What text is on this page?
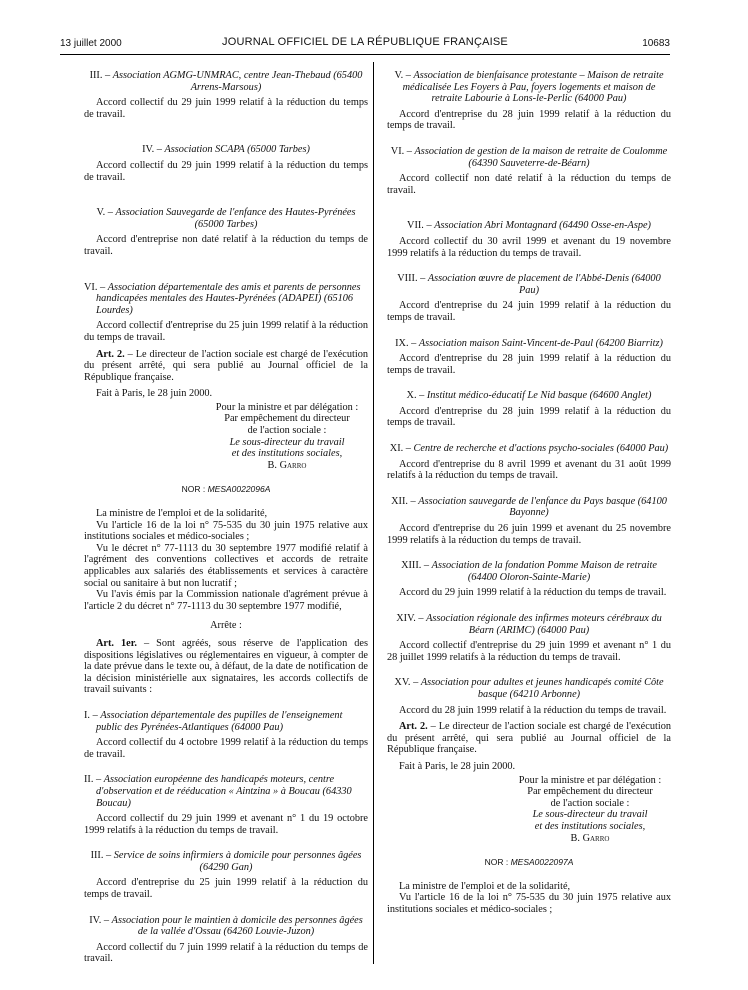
13 juillet 2000	JOURNAL OFFICIEL DE LA RÉPUBLIQUE FRANÇAISE	10683
III. – Association AGMG-UNMRAC, centre Jean-Thebaud (65400 Arrens-Marsous)
Accord collectif du 29 juin 1999 relatif à la réduction du temps de travail.
IV. – Association SCAPA (65000 Tarbes)
Accord collectif du 29 juin 1999 relatif à la réduction du temps de travail.
V. – Association Sauvegarde de l'enfance des Hautes-Pyrénées (65000 Tarbes)
Accord d'entreprise non daté relatif à la réduction du temps de travail.
VI. – Association départementale des amis et parents de personnes handicapées mentales des Hautes-Pyrénées (ADAPEI) (65106 Lourdes)
Accord collectif d'entreprise du 25 juin 1999 relatif à la réduction du temps de travail.
Art. 2. – Le directeur de l'action sociale est chargé de l'exécution du présent arrêté, qui sera publié au Journal officiel de la République française.
Fait à Paris, le 28 juin 2000.
Pour la ministre et par délégation :
Par empêchement du directeur
de l'action sociale :
Le sous-directeur du travail
et des institutions sociales,
B. Garro
NOR : MESA0022096A
La ministre de l'emploi et de la solidarité,
Vu l'article 16 de la loi n° 75-535 du 30 juin 1975 relative aux institutions sociales et médico-sociales ;
Vu le décret n° 77-1113 du 30 septembre 1977 modifié relatif à l'agrément des conventions collectives et accords de retraite applicables aux salariés des établissements et services à caractère social ou sanitaire à but non lucratif ;
Vu l'avis émis par la Commission nationale d'agrément prévue à l'article 2 du décret n° 77-1113 du 30 septembre 1977 modifié,
Arrête :
Art. 1er. – Sont agréés, sous réserve de l'application des dispositions législatives ou réglementaires en vigueur, à compter de la date prévue dans le texte ou, à défaut, de la date de notification de la décision ministérielle aux signataires, les accords collectifs de travail suivants :
I. – Association départementale des pupilles de l'enseignement public des Pyrénées-Atlantiques (64000 Pau)
Accord collectif du 4 octobre 1999 relatif à la réduction du temps de travail.
II. – Association européenne des handicapés moteurs, centre d'observation et de rééducation « Aintzina » à Boucau (64330 Boucau)
Accord collectif du 29 juin 1999 et avenant n° 1 du 19 octobre 1999 relatifs à la réduction du temps de travail.
III. – Service de soins infirmiers à domicile pour personnes âgées (64290 Gan)
Accord d'entreprise du 25 juin 1999 relatif à la réduction du temps de travail.
IV. – Association pour le maintien à domicile des personnes âgées de la vallée d'Ossau (64260 Louvie-Juzon)
Accord collectif du 7 juin 1999 relatif à la réduction du temps de travail.
V. – Association de bienfaisance protestante – Maison de retraite médicalisée Les Foyers à Pau, foyers logements et maison de retraite Labourie à Lons-le-Perlic (64000 Pau)
Accord d'entreprise du 28 juin 1999 relatif à la réduction du temps de travail.
VI. – Association de gestion de la maison de retraite de Coulomme (64390 Sauveterre-de-Béarn)
Accord collectif non daté relatif à la réduction du temps de travail.
VII. – Association Abri Montagnard (64490 Osse-en-Aspe)
Accord collectif du 30 avril 1999 et avenant du 19 novembre 1999 relatifs à la réduction du temps de travail.
VIII. – Association œuvre de placement de l'Abbé-Denis (64000 Pau)
Accord d'entreprise du 24 juin 1999 relatif à la réduction du temps de travail.
IX. – Association maison Saint-Vincent-de-Paul (64200 Biarritz)
Accord d'entreprise du 28 juin 1999 relatif à la réduction du temps de travail.
X. – Institut médico-éducatif Le Nid basque (64600 Anglet)
Accord d'entreprise du 28 juin 1999 relatif à la réduction du temps de travail.
XI. – Centre de recherche et d'actions psycho-sociales (64000 Pau)
Accord d'entreprise du 8 avril 1999 et avenant du 31 août 1999 relatifs à la réduction du temps de travail.
XII. – Association sauvegarde de l'enfance du Pays basque (64100 Bayonne)
Accord d'entreprise du 26 juin 1999 et avenant du 25 novembre 1999 relatifs à la réduction du temps de travail.
XIII. – Association de la fondation Pomme Maison de retraite (64400 Oloron-Sainte-Marie)
Accord du 29 juin 1999 relatif à la réduction du temps de travail.
XIV. – Association régionale des infirmes moteurs cérébraux du Béarn (ARIMC) (64000 Pau)
Accord collectif d'entreprise du 29 juin 1999 et avenant n° 1 du 28 juillet 1999 relatifs à la réduction du temps de travail.
XV. – Association pour adultes et jeunes handicapés comité Côte basque (64210 Arbonne)
Accord du 28 juin 1999 relatif à la réduction du temps de travail.
Art. 2. – Le directeur de l'action sociale est chargé de l'exécution du présent arrêté, qui sera publié au Journal officiel de la République française.
Fait à Paris, le 28 juin 2000.
Pour la ministre et par délégation :
Par empêchement du directeur
de l'action sociale :
Le sous-directeur du travail
et des institutions sociales,
B. Garro
NOR : MESA0022097A
La ministre de l'emploi et de la solidarité,
Vu l'article 16 de la loi n° 75-535 du 30 juin 1975 relative aux institutions sociales et médico-sociales ;
